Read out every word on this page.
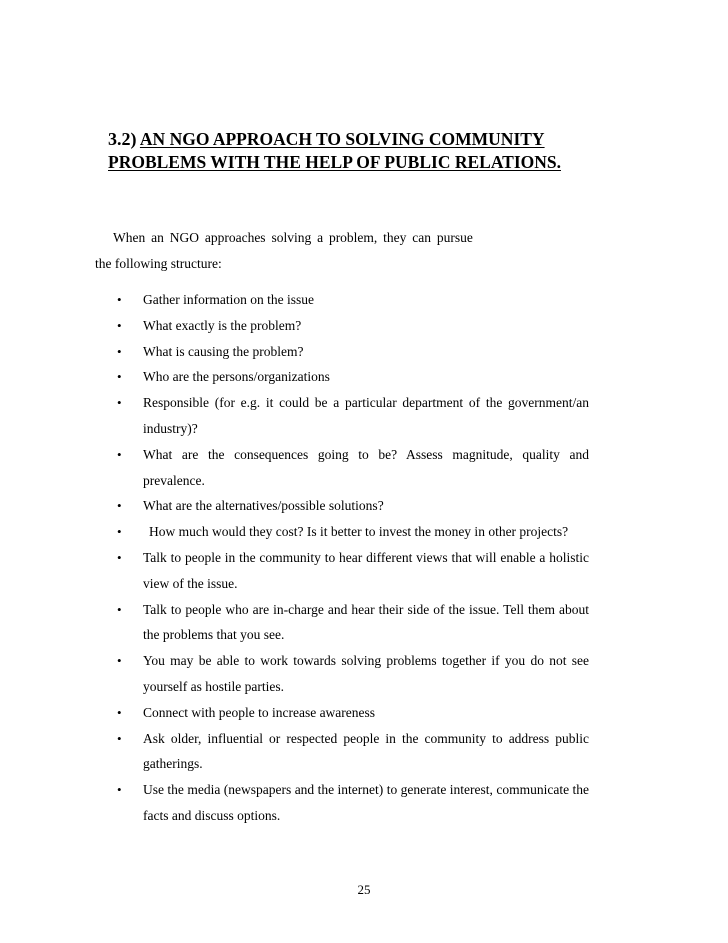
3.2) AN NGO APPROACH TO SOLVING COMMUNITY
PROBLEMS WITH THE HELP OF PUBLIC RELATIONS.
When an NGO approaches solving a problem, they can pursue
the following structure:
• Gather information on the issue
• What exactly is the problem?
• What is causing the problem?
• Who are the persons/organizations
• Responsible (for e.g. it could be a particular department of the government/an industry)?
• What are the consequences going to be? Assess magnitude, quality and prevalence.
• What are the alternatives/possible solutions?
•	How much would they cost? Is it better to invest the money in other projects?
• Talk to people in the community to hear different views that will enable a holistic view of the issue.
• Talk to people who are in-charge and hear their side of the issue. Tell them about the problems that you see.
• You may be able to work towards solving problems together if you do not see yourself as hostile parties.
• Connect with people to increase awareness
• Ask older, influential or respected people in the community to address public gatherings.
• Use the media (newspapers and the internet) to generate interest, communicate the facts and discuss options.
25
